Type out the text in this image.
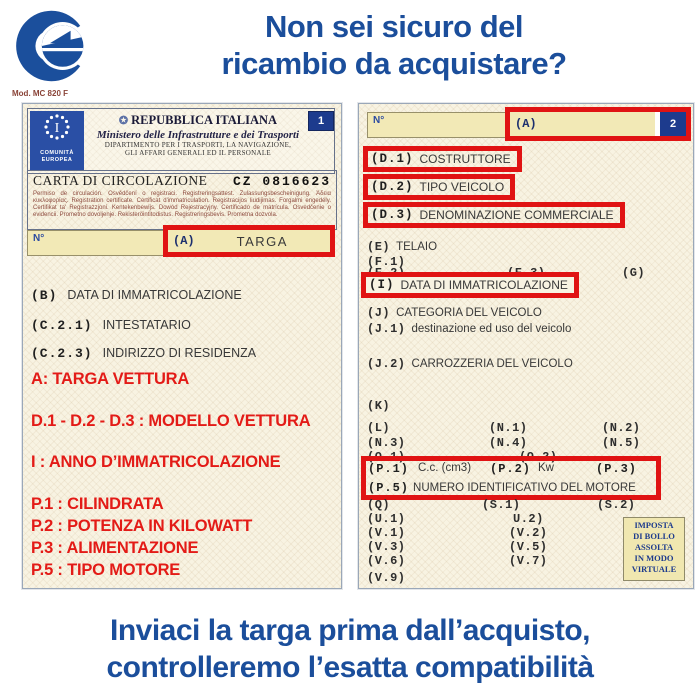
Non sei sicuro del
ricambio da acquistare?
Mod. MC 820 F
I
COMUNITÀ
EUROPEA
✪ REPUBBLICA ITALIANA
Ministero delle Infrastrutture e dei Trasporti
DIPARTIMENTO PER I TRASPORTI, LA NAVIGAZIONE,
GLI AFFARI GENERALI ED IL PERSONALE
1
CARTA DI CIRCOLAZIONE CZ 0816623
Permiso de circulación. Osvědčení o registraci. Registreringsattest. Zulassungsbescheinigung. Άδεια κυκλοφορίας. Registration certificate. Certificat d'immatriculation. Registracijos liudijimas. Forgalmi engedély. Certifikat ta' Registrazzjoni. Kentekenbewijs. Dowód Rejestracyjny. Certificado de matrícula. Osvedčenie o evidencii. Prometno dovoljenje. Rekisteröintitodistus. Registreringsbevis. Prometna dozvola.
N°	(A)	TARGA
(B) DATA DI IMMATRICOLAZIONE
(C.2.1) INTESTATARIO
(C.2.3) INDIRIZZO DI RESIDENZA
A: TARGA VETTURA
D.1 - D.2 - D.3 : MODELLO VETTURA
I : ANNO D’IMMATRICOLAZIONE
P.1 : CILINDRATA
P.2 : POTENZA IN KILOWATT
P.3 : ALIMENTAZIONE
P.5 : TIPO MOTORE
N°	(A)	2
(D.1) COSTRUTTORE
(D.2) TIPO VEICOLO
(D.3) DENOMINAZIONE COMMERCIALE
(E) TELAIO
(F.1)
(G)
(I) DATA DI IMMATRICOLAZIONE
(J) CATEGORIA DEL VEICOLO
(J.1) destinazione ed uso del veicolo
(J.2) CARROZZERIA DEL VEICOLO
(K)
(L)	(N.1)	(N.2)
(N.3)	(N.4)	(N.5)
(O.1)	(O.2)
(P.1) C.c. (cm3) (P.2) Kw	(P.3)
(P.5) NUMERO IDENTIFICATIVO DEL MOTORE
(Q)	(S.1)	(S.2)
(U.1)	U.2)
(V.1)	(V.2)
(V.3)	(V.5)
(V.6)	(V.7)
(V.9)
IMPOSTA
DI BOLLO
ASSOLTA
IN MODO
VIRTUALE
Inviaci la targa prima dall’acquisto,
controlleremo l’esatta compatibilità
